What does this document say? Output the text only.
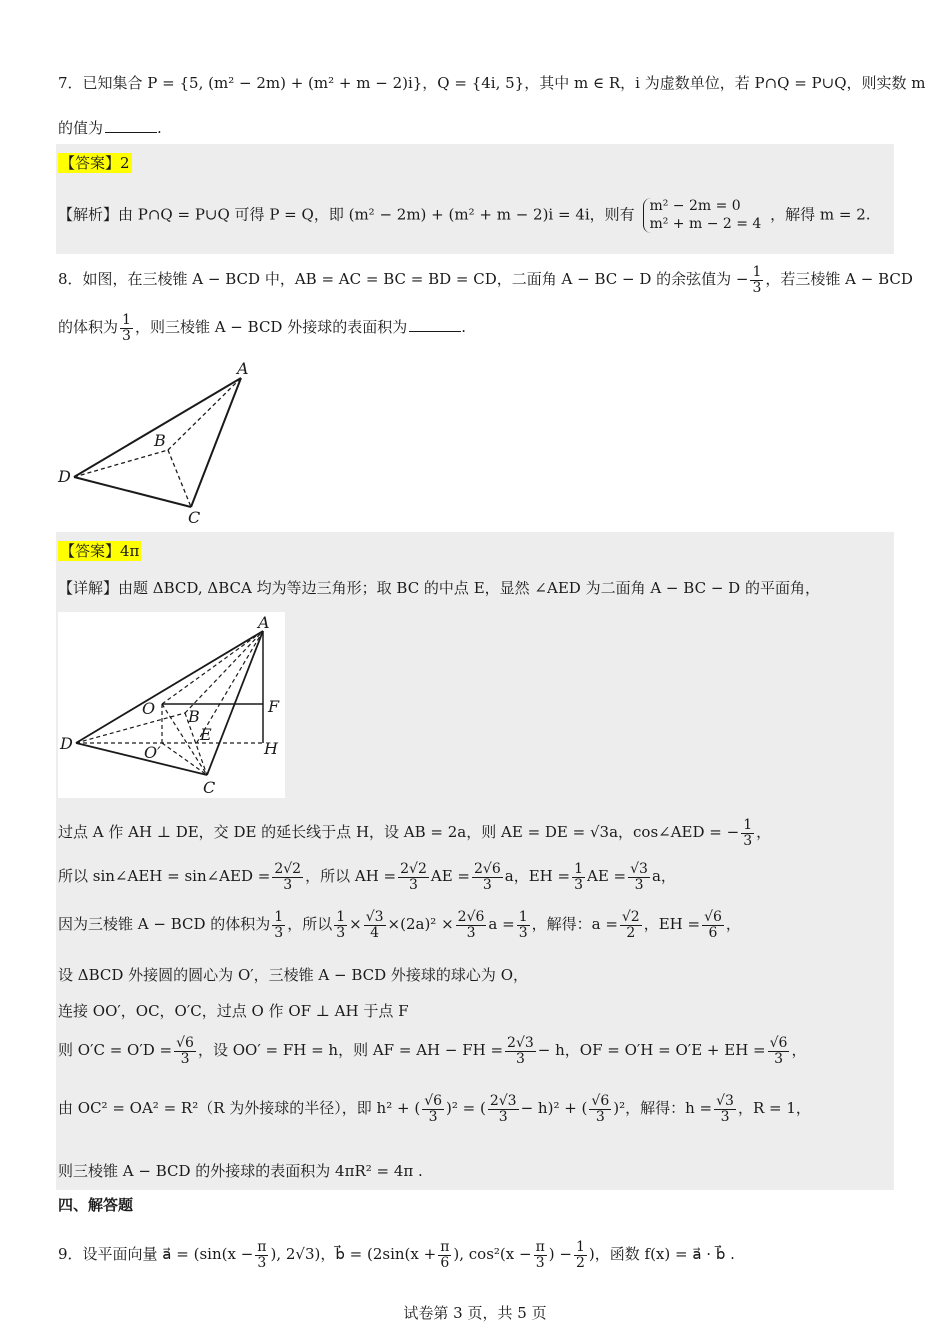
7．已知集合 P = {5, (m² − 2m) + (m² + m − 2)i}，Q = {4i, 5}，其中 m ∈ R，i 为虚数单位，若 P∩Q = P∪Q，则实数 m
的值为	.
【答案】2
【解析】由 P∩Q = P∪Q 可得 P = Q，即 (m² − 2m) + (m² + m − 2)i = 4i，则有 m² − 2m = 0
m² + m − 2 = 4 ，解得 m = 2.
8．如图，在三棱锥 A − BCD 中，AB = AC = BC = BD = CD，二面角 A − BC − D 的余弦值为 − $\frac{1}{3}$ ，若三棱锥 A − BCD
的体积为 $\frac{1}{3}$ ，则三棱锥 A − BCD 外接球的表面积为	.
A
B
C
D
【答案】4π
【详解】由题 ΔBCD, ΔBCA 均为等边三角形；取 BC 的中点 E，显然 ∠AED 为二面角 A − BC − D 的平面角，
A
O B
F
D	E
H
O′
C
过点 A 作 AH ⊥ DE，交 DE 的延长线于点 H，设 AB = 2a，则 AE = DE = √3a，cos∠AED = − $\frac{1}{3}$ ，
所以 sin∠AEH = sin∠AED = $\frac{2√2}{3}$ ，所以 AH = $\frac{2√2}{3}$ AE = $\frac{2√6}{3}$ a，EH = $\frac{1}{3}$ AE = $\frac{√3}{3}$ a，
因为三棱锥 A − BCD 的体积为 $\frac{1}{3}$ ，所以 $\frac{1}{3} \times \frac{√3}{4} \times(2a)^2 \times \frac{2√6}{3}$ $a = \frac{1}{3}$ ，解得：$a = \frac{√2}{2}$ ，EH = $\frac{√6}{6}$ ，
设 ΔBCD 外接圆的圆心为 O′，三棱锥 A − BCD 外接球的球心为 O，
连接 OO′，OC，O′C，过点 O 作 OF ⊥ AH 于点 F
则 $O'C = O'D = \frac{√6}{3}$ ，设 OO′ = FH = h，则 AF = AH − FH = $\frac{2√3}{3} - h$，OF = O′H = O′E + EH = $\frac{√6}{3}$ ，
由 OC² = OA² = R²（R 为外接球的半径），即 h² + ( $\frac{√6}{3} )^2$ = ( $\frac{2√3}{3} - h)^2$ + ( $\frac{√6}{3} )^2$，解得：$h = \frac{√3}{3}$ ，R = 1，
则三棱锥 A − BCD 的外接球的表面积为 4πR² = 4π .
四、解答题
9．设平面向量 a⃗ = ($\sin(x - \frac{\pi}{3}$ ), 2√3)，b⃗ = ($2\sin(x + \frac{\pi}{6}$ ), $\cos^2(x - \frac{\pi}{3}$ ) − $\frac{1}{2}$ )，函数 f(x) = a⃗ · b⃗ .
试卷第 3 页，共 5 页
